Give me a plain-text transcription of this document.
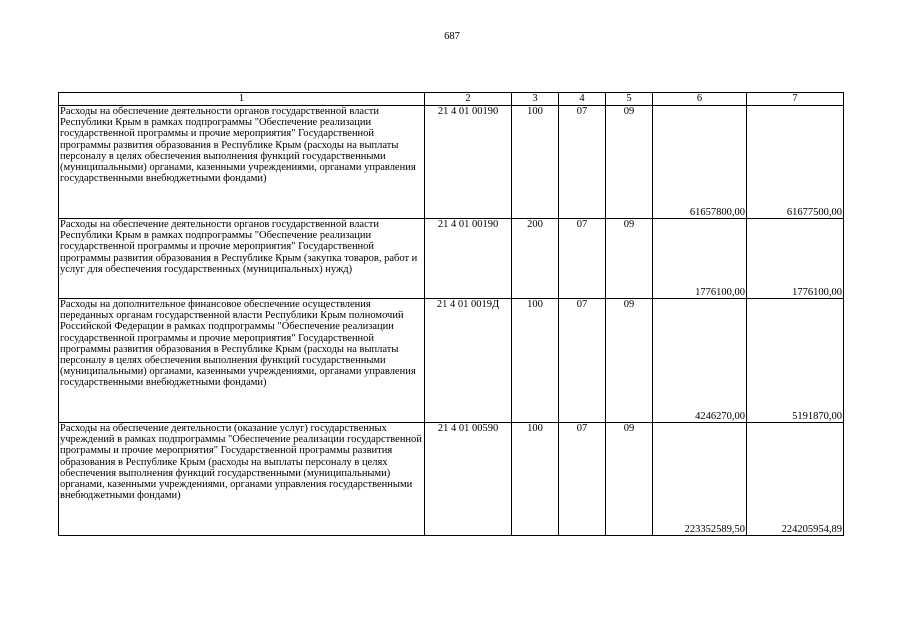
687
1	2	3	4	5	6	7
Расходы на обеспечение деятельности органов государственной власти Республики Крым в рамках подпрограммы "Обеспечение реализации государственной программы и прочие мероприятия" Государственной программы развития образования в Республике Крым (расходы на выплаты персоналу в целях обеспечения выполнения функций государственными (муниципальными) органами, казенными учреждениями, органами управления государственными внебюджетными фондами)	21 4 01 00190	100	07	09	61657800,00	61677500,00
Расходы на обеспечение деятельности органов государственной власти Республики Крым в рамках подпрограммы "Обеспечение реализации государственной программы и прочие мероприятия" Государственной программы развития образования в Республике Крым (закупка товаров, работ и услуг для обеспечения государственных (муниципальных) нужд)	21 4 01 00190	200	07	09	1776100,00	1776100,00
Расходы на дополнительное финансовое обеспечение осуществления переданных органам государственной власти Республики Крым полномочий Российской Федерации в рамках подпрограммы "Обеспечение реализации государственной программы и прочие мероприятия" Государственной программы развития образования в Республике Крым (расходы на выплаты персоналу в целях обеспечения выполнения функций государственными (муниципальными) органами, казенными учреждениями, органами управления государственными внебюджетными фондами)	21 4 01 0019Д	100	07	09	4246270,00	5191870,00
Расходы на обеспечение деятельности (оказание услуг) государственных учреждений в рамках подпрограммы "Обеспечение реализации государственной программы и прочие мероприятия" Государственной программы развития образования в Республике Крым (расходы на выплаты персоналу в целях обеспечения выполнения функций государственными (муниципальными) органами, казенными учреждениями, органами управления государственными внебюджетными фондами)	21 4 01 00590	100	07	09	223352589,50	224205954,89
